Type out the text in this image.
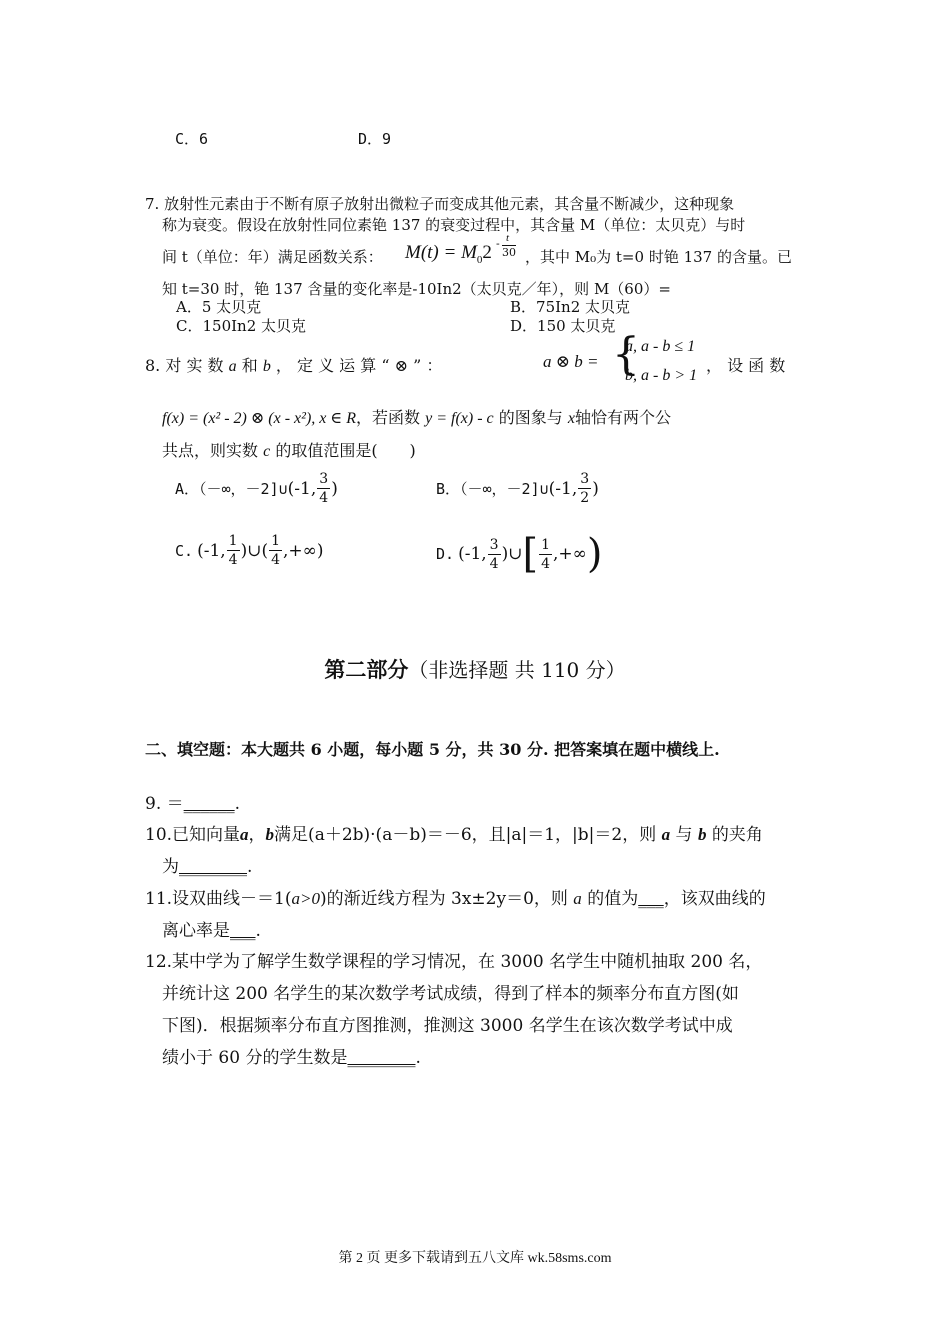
C．6	D．9
7. 放射性元素由于不断有原子放射出微粒子而变成其他元素，其含量不断减少，这种现象
称为衰变。假设在放射性同位素铯 137 的衰变过程中，其含量 M（单位：太贝克）与时
间 t（单位：年）满足函数关系： $M(t) = M_02 - t$
30 ，其中 M₀为 t=0 时铯 137 的含量。已
知 t=30 时，铯 137 含量的变化率是-10In2（太贝克／年），则 M（60）=
A．5 太贝克	B．75In2 太贝克
C．150In2 太贝克	D．150 太贝克
8. 对 实 数 a 和 b ， 定 义 运 算 “ ⊗ ” ：	a ⊗ b = {
a, a - b ≤ 1
b, a - b > 1
， 设 函 数
f(x) = (x² - 2) ⊗ (x - x²), x ∈ R，若函数 y = f(x) - c 的图象与 x轴恰有两个公
共点，则实数 c 的取值范围是(　　)
A．（－∞，－2]∪ (-1, $\frac{3}{4}$ )	B．（－∞，－2]∪ (-1, $\frac{3}{2}$ )
C. (-1, $\frac{1}{4}$ )∪( $\frac{1}{4}$ ,+∞)	D. (-1, $\frac{3}{4}$ )∪ [ $\frac{1}{4}$ ,+∞ )
第二部分（非选择题 共 110 分）
二、填空题：本大题共 6 小题，每小题 5 分，共 30 分. 把答案填在题中横线上.
9. ＝______.
10.已知向量a，b满足(a＋2b)·(a－b)＝－6，且|a|＝1，|b|＝2，则 a 与 b 的夹角
为________.
11.设双曲线－＝1(a>0)的渐近线方程为 3x±2y＝0，则 a 的值为___，该双曲线的
离心率是___.
12.某中学为了解学生数学课程的学习情况，在 3000 名学生中随机抽取 200 名，
并统计这 200 名学生的某次数学考试成绩，得到了样本的频率分布直方图(如
下图)．根据频率分布直方图推测，推测这 3000 名学生在该次数学考试中成
绩小于 60 分的学生数是________.
第 2 页 更多下载请到五八文库 wk.58sms.com
